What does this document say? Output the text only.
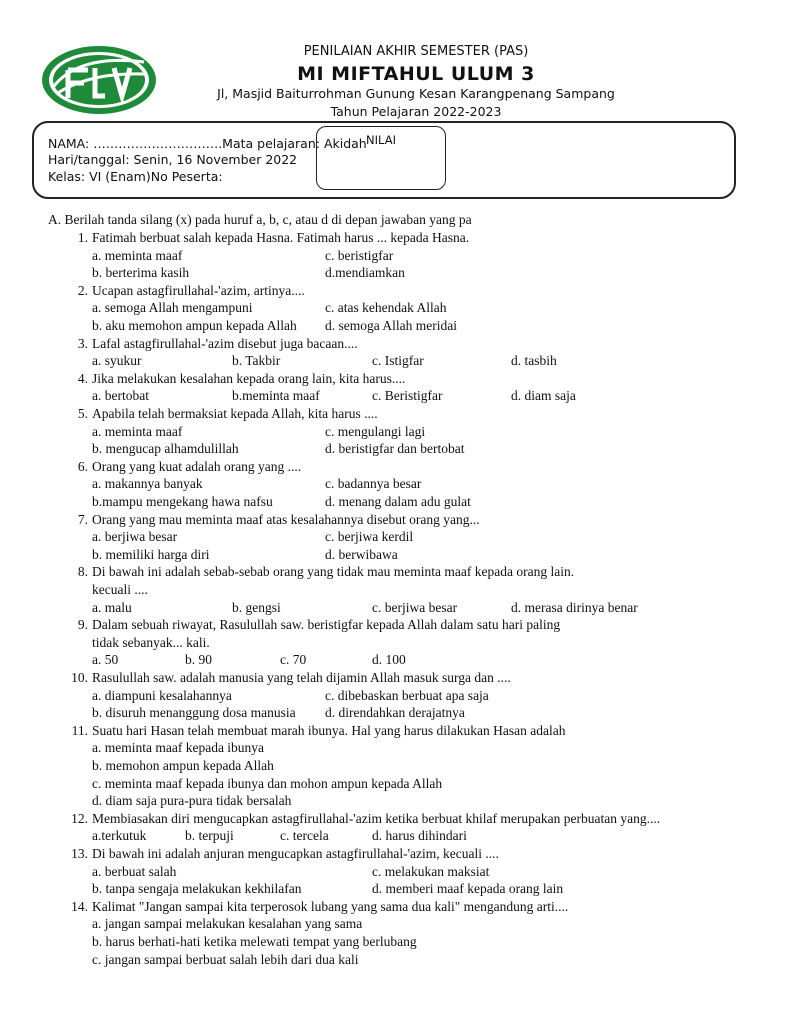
PENILAIAN AKHIR SEMESTER (PAS)
MI MIFTAHUL ULUM 3
Jl, Masjid Baiturrohman Gunung Kesan Karangpenang Sampang
Tahun Pelajaran 2022-2023
NAMA: ………………………….Mata pelajaran: Akidah
Hari/tanggal: Senin, 16 November 2022
Kelas: VI (Enam)No Peserta:
NILAI
A. Berilah tanda silang (x) pada huruf a, b, c, atau d di depan jawaban yang pa
1. Fatimah berbuat salah kepada Hasna. Fatimah harus ... kepada Hasna.
a. meminta maaf	c. beristigfar
b. berterima kasih	d.mendiamkan
2. Ucapan astagfirullahal-'azim, artinya....
a. semoga Allah mengampuni	c. atas kehendak Allah
b. aku memohon ampun kepada Allah d. semoga Allah meridai
3. Lafal astagfirullahal-'azim disebut juga bacaan....
a. syukur	b. Takbir	c. Istigfar	d. tasbih
4. Jika melakukan kesalahan kepada orang lain, kita harus....
a. bertobat	b.meminta maaf	c. Beristigfar	d. diam saja
5. Apabila telah bermaksiat kepada Allah, kita harus ....
a. meminta maaf	c. mengulangi lagi
b. mengucap alhamdulillah	d. beristigfar dan bertobat
6. Orang yang kuat adalah orang yang ....
a. makannya banyak	c. badannya besar
b.mampu mengekang hawa nafsu	d. menang dalam adu gulat
7. Orang yang mau meminta maaf atas kesalahannya disebut orang yang...
a. berjiwa besar	c. berjiwa kerdil
b. memiliki harga diri	d. berwibawa
8. Di bawah ini adalah sebab-sebab orang yang tidak mau meminta maaf kepada orang lain.
kecuali ....
a. malu	b. gengsi	c. berjiwa besar	d. merasa dirinya benar
9. Dalam sebuah riwayat, Rasulullah saw. beristigfar kepada Allah dalam satu hari paling
tidak sebanyak... kali.
a. 50	b. 90	c. 70	d. 100
10. Rasulullah saw. adalah manusia yang telah dijamin Allah masuk surga dan ....
a. diampuni kesalahannya	c. dibebaskan berbuat apa saja
b. disuruh menanggung dosa manusia d. direndahkan derajatnya
11. Suatu hari Hasan telah membuat marah ibunya. Hal yang harus dilakukan Hasan adalah
a. meminta maaf kepada ibunya
b. memohon ampun kepada Allah
c. meminta maaf kepada ibunya dan mohon ampun kepada Allah
d. diam saja pura-pura tidak bersalah
12. Membiasakan diri mengucapkan astagfirullahal-'azim ketika berbuat khilaf merupakan perbuatan yang....
a.terkutuk	b. terpuji	c. tercela	d. harus dihindari
13. Di bawah ini adalah anjuran mengucapkan astagfirullahal-'azim, kecuali ....
a. berbuat salah	c. melakukan maksiat
b. tanpa sengaja melakukan kekhilafan	d. memberi maaf kepada orang lain
14. Kalimat "Jangan sampai kita terperosok lubang yang sama dua kali" mengandung arti....
a. jangan sampai melakukan kesalahan yang sama
b. harus berhati-hati ketika melewati tempat yang berlubang
c. jangan sampai berbuat salah lebih dari dua kali
